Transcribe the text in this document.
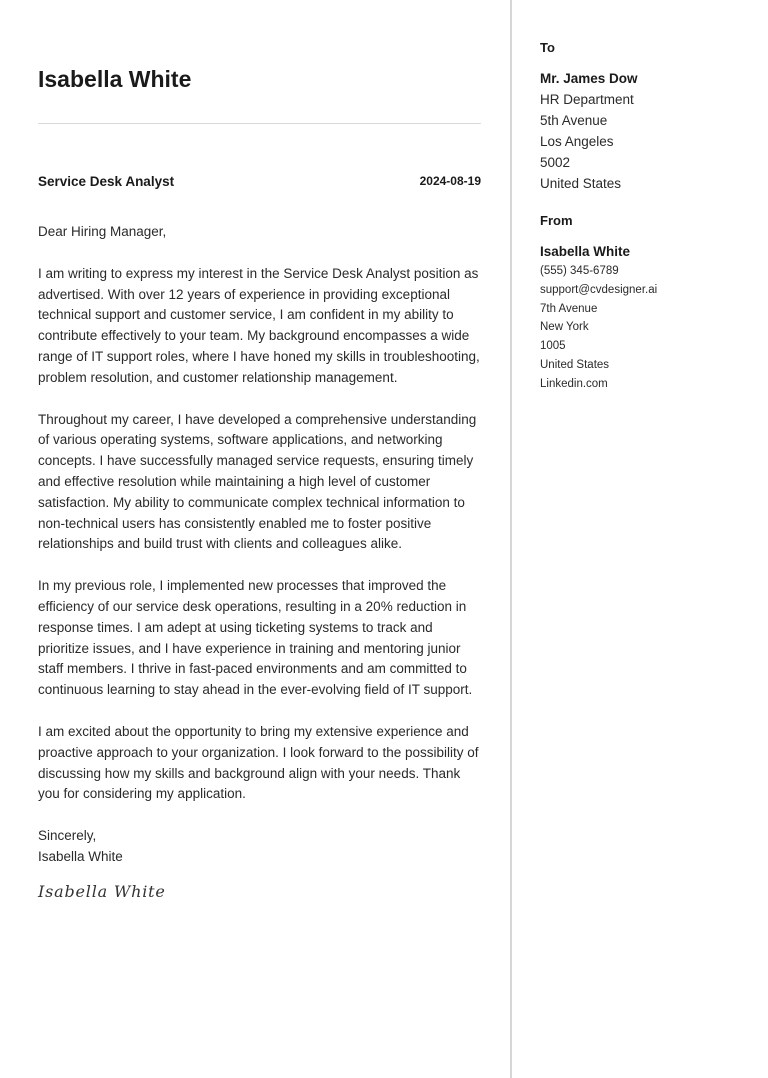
Isabella White
Service Desk Analyst	2024-08-19

Dear Hiring Manager,

I am writing to express my interest in the Service Desk Analyst position as advertised. With over 12 years of experience in providing exceptional technical support and customer service, I am confident in my ability to contribute effectively to your team. My background encompasses a wide range of IT support roles, where I have honed my skills in troubleshooting, problem resolution, and customer relationship management.

Throughout my career, I have developed a comprehensive understanding of various operating systems, software applications, and networking concepts. I have successfully managed service requests, ensuring timely and effective resolution while maintaining a high level of customer satisfaction. My ability to communicate complex technical information to non-technical users has consistently enabled me to foster positive relationships and build trust with clients and colleagues alike.

In my previous role, I implemented new processes that improved the efficiency of our service desk operations, resulting in a 20% reduction in response times. I am adept at using ticketing systems to track and prioritize issues, and I have experience in training and mentoring junior staff members. I thrive in fast-paced environments and am committed to continuous learning to stay ahead in the ever-evolving field of IT support.

I am excited about the opportunity to bring my extensive experience and proactive approach to your organization. I look forward to the possibility of discussing how my skills and background align with your needs. Thank you for considering my application.

Sincerely,

Isabella White

Isabella White
To
Mr. James Dow
HR Department
5th Avenue
Los Angeles
5002
United States
From
Isabella White
(555) 345-6789
support@cvdesigner.ai
7th Avenue
New York
1005
United States
Linkedin.com
